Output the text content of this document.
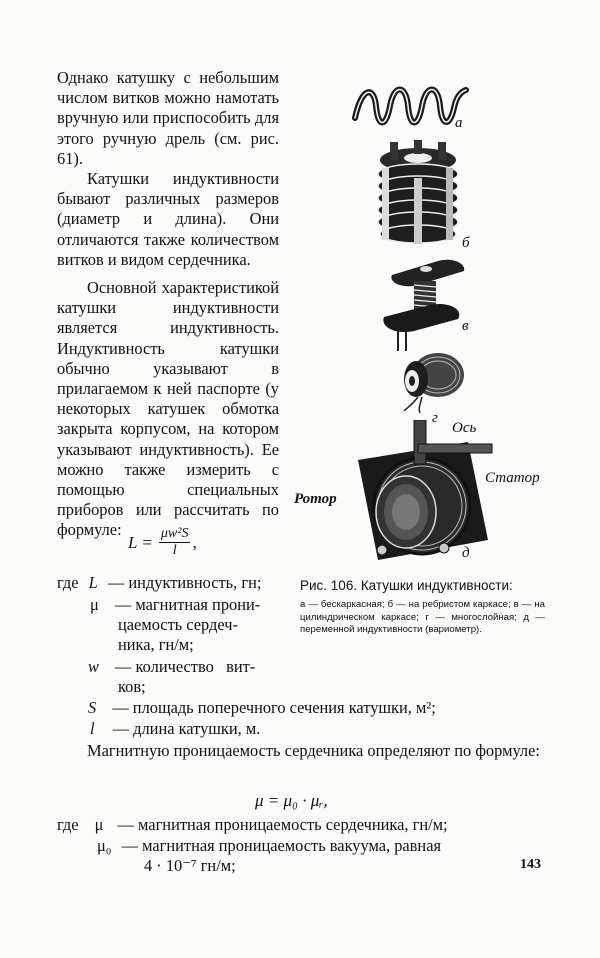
Однако катушку с небольшим числом витков можно намотать вручную или приспособить для этого ручную дрель (см. рис. 61).

Катушки индуктивности бывают различных размеров (диаметр и длина). Они отличаются также количеством витков и видом сердечника.

Основной характеристикой катушки индуктивности является индуктивность. Индуктивность катушки обычно указывают в прилагаемом к ней паспорте (у некоторых катушек обмотка закрыта корпусом, на котором указывают индуктивность). Ее можно также измерить с помощью специальных приборов или рассчитать по формуле:

$L = \frac{\text{μw²S}}{l}$ ,
где L — индуктивность, гн;
μ — магнитная прони-
цаемость сердеч-
ника, гн/м;
w — количество   вит-
ков;
S — площадь поперечного сечения катушки, м²;
l — длина катушки, м.
Магнитную проницаемость сердечника определяют по формуле:
μ = μ₀ · μᵣ,
где μ — магнитная проницаемость сердечника, гн/м;
μ₀ — магнитная проницаемость вакуума, равная
4 · 10⁻⁷ гн/м;
а
б
в
г
Ось
Статор
Ротор
д
Рис. 106. Катушки индуктивности:
а — бескаркасная; б — на ребристом каркасе; в — на цилиндрическом каркасе; г — многослойная; д — переменной индуктивности (вариометр).
143
